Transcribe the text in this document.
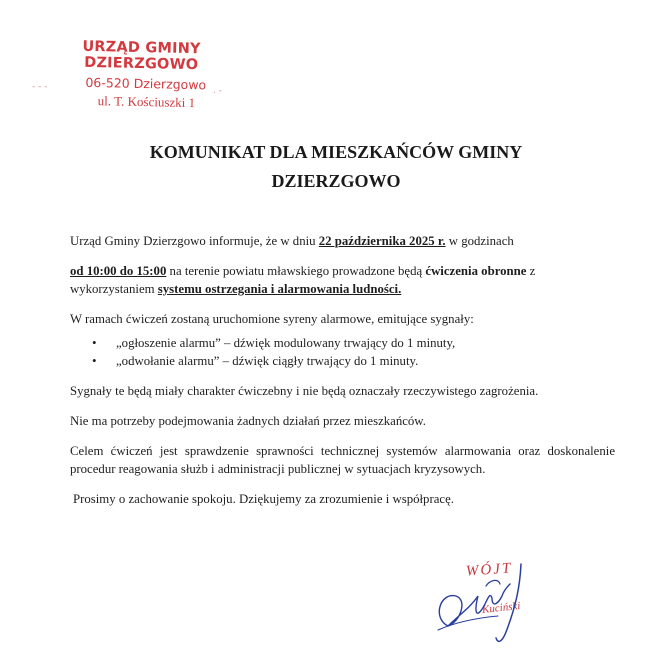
URZĄD GMINY DZIERZGOWO
06-520 Dzierzgowo
ul. T. Kościuszki 1
‐ ‐ ‐	. ‐
KOMUNIKAT DLA MIESZKAŃCÓW GMINY
DZIERZGOWO

Urząd Gminy Dzierzgowo informuje, że w dniu 22 października 2025 r. w godzinach

od 10:00 do 15:00 na terenie powiatu mławskiego prowadzone będą ćwiczenia obronne z wykorzystaniem systemu ostrzegania i alarmowania ludności.

W ramach ćwiczeń zostaną uruchomione syreny alarmowe, emitujące sygnały:

• „ogłoszenie alarmu” – dźwięk modulowany trwający do 1 minuty,
• „odwołanie alarmu” – dźwięk ciągły trwający do 1 minuty.

Sygnały te będą miały charakter ćwiczebny i nie będą oznaczały rzeczywistego zagrożenia.

Nie ma potrzeby podejmowania żadnych działań przez mieszkańców.

Celem ćwiczeń jest sprawdzenie sprawności technicznej systemów alarmowania oraz doskonalenie procedur reagowania służb i administracji publicznej w sytuacjach kryzysowych.

Prosimy o zachowanie spokoju. Dziękujemy za zrozumienie i współpracę.

WÓJT
Kuciński
